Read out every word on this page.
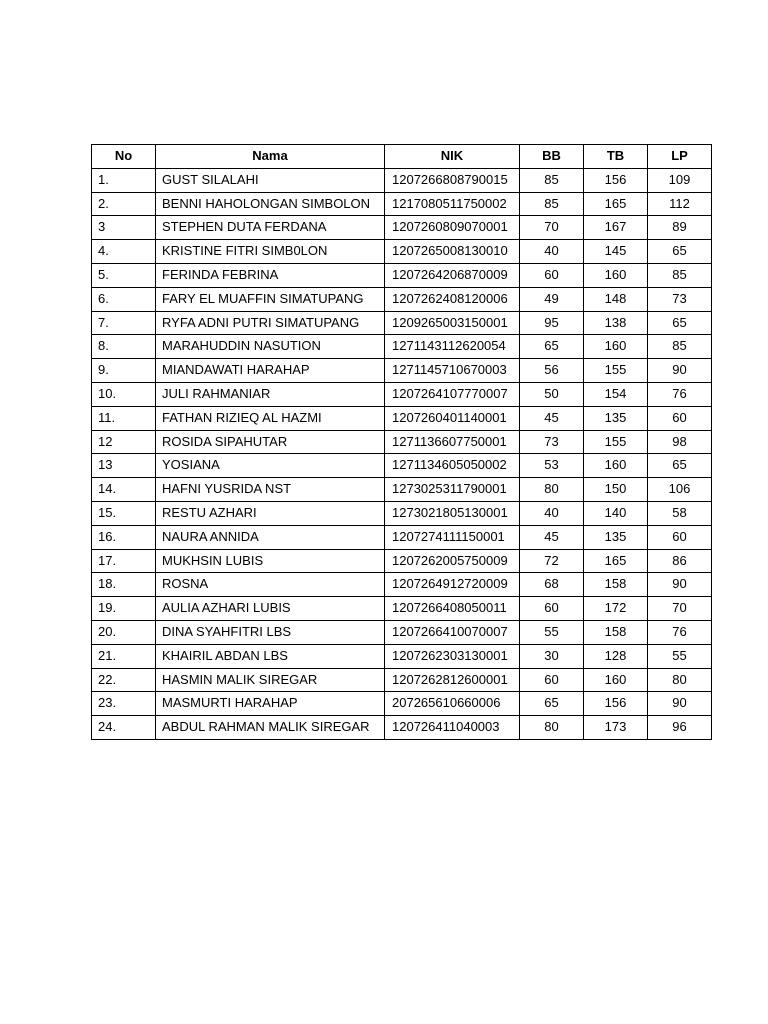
No	Nama	NIK	BB	TB	LP
1.	GUST SILALAHI	1207266808790015	85	156	109
2.	BENNI HAHOLONGAN SIMBOLON	1217080511750002	85	165	112
3	STEPHEN DUTA FERDANA	1207260809070001	70	167	89
4.	KRISTINE FITRI SIMB0LON	1207265008130010	40	145	65
5.	FERINDA FEBRINA	1207264206870009	60	160	85
6.	FARY EL MUAFFIN SIMATUPANG	1207262408120006	49	148	73
7.	RYFA ADNI PUTRI SIMATUPANG	1209265003150001	95	138	65
8.	MARAHUDDIN NASUTION	1271143112620054	65	160	85
9.	MIANDAWATI HARAHAP	1271145710670003	56	155	90
10.	JULI RAHMANIAR	1207264107770007	50	154	76
11.	FATHAN RIZIEQ AL HAZMI	1207260401140001	45	135	60
12	ROSIDA SIPAHUTAR	1271136607750001	73	155	98
13	YOSIANA	1271134605050002	53	160	65
14.	HAFNI YUSRIDA NST	1273025311790001	80	150	106
15.	RESTU AZHARI	1273021805130001	40	140	58
16.	NAURA ANNIDA	1207274111150001	45	135	60
17.	MUKHSIN LUBIS	1207262005750009	72	165	86
18.	ROSNA	1207264912720009	68	158	90
19.	AULIA AZHARI LUBIS	1207266408050011	60	172	70
20.	DINA SYAHFITRI LBS	1207266410070007	55	158	76
21.	KHAIRIL ABDAN LBS	1207262303130001	30	128	55
22.	HASMIN MALIK SIREGAR	1207262812600001	60	160	80
23.	MASMURTI HARAHAP	207265610660006	65	156	90
24.	ABDUL RAHMAN MALIK SIREGAR	120726411040003	80	173	96
